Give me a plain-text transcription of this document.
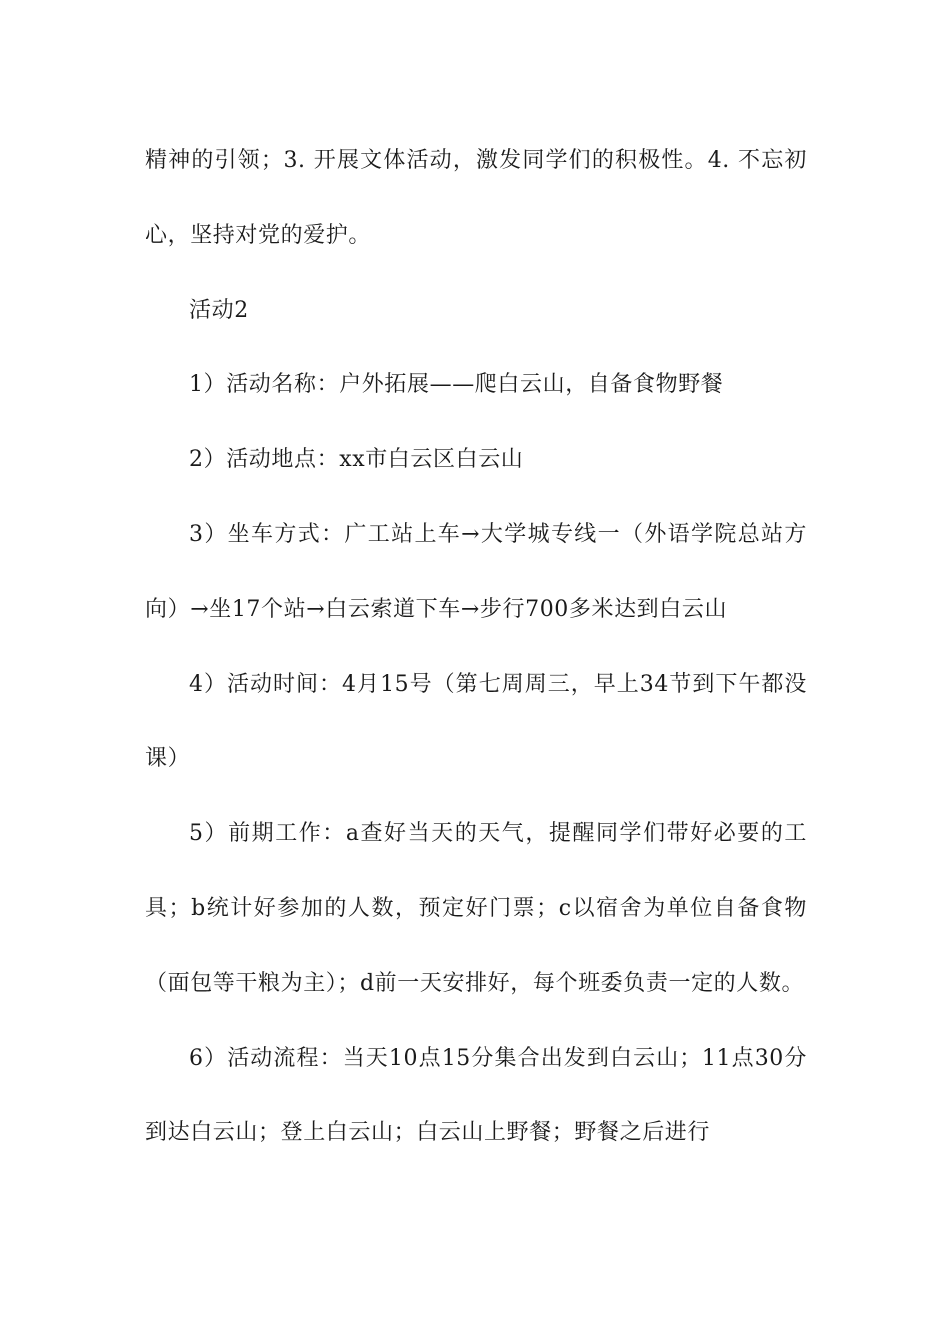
精神的引领；3. 开展文体活动，激发同学们的积极性。4. 不忘初心，坚持对党的爱护。

活动2

1）活动名称：户外拓展——爬白云山，自备食物野餐

2）活动地点：xx市白云区白云山

3）坐车方式：广工站上车→大学城专线一（外语学院总站方向）→坐17个站→白云索道下车→步行700多米达到白云山

4）活动时间：4月15号（第七周周三，早上34节到下午都没课）

5）前期工作：a查好当天的天气，提醒同学们带好必要的工具；b统计好参加的人数，预定好门票；c以宿舍为单位自备食物（面包等干粮为主）；d前一天安排好，每个班委负责一定的人数。

6）活动流程：当天10点15分集合出发到白云山；11点30分到达白云山；登上白云山；白云山上野餐；野餐之后进行
